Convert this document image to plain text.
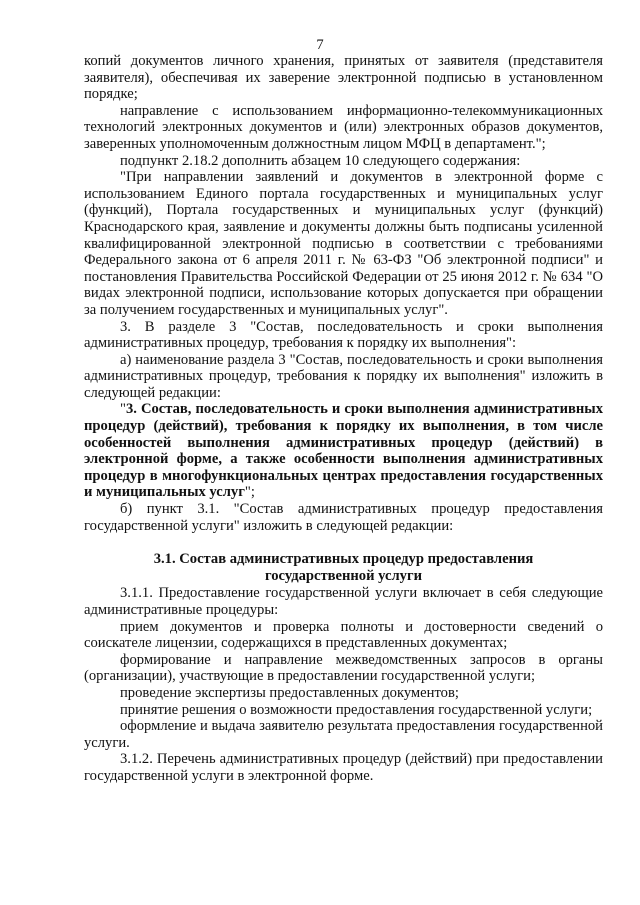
7

копий документов личного хранения, принятых от заявителя (представителя заявителя), обеспечивая их заверение электронной подписью в установленном порядке;

направление с использованием информационно-телекоммуникационных технологий электронных документов и (или) электронных образов документов, заверенных уполномоченным должностным лицом МФЦ в департамент.";

подпункт 2.18.2 дополнить абзацем 10 следующего содержания:

"При направлении заявлений и документов в электронной форме с использованием Единого портала государственных и муниципальных услуг (функций), Портала государственных и муниципальных услуг (функций) Краснодарского края, заявление и документы должны быть подписаны усиленной квалифицированной электронной подписью в соответствии с требованиями Федерального закона от 6 апреля 2011 г. № 63-ФЗ "Об электронной подписи" и постановления Правительства Российской Федерации от 25 июня 2012 г. № 634 "О видах электронной подписи, использование которых допускается при обращении за получением государственных и муниципальных услуг".

3. В разделе 3 "Состав, последовательность и сроки выполнения административных процедур, требования к порядку их выполнения":

а) наименование раздела 3 "Состав, последовательность и сроки выполнения административных процедур, требования к порядку их выполнения" изложить в следующей редакции:

"3. Состав, последовательность и сроки выполнения административных процедур (действий), требования к порядку их выполнения, в том числе особенностей выполнения административных процедур (действий) в электронной форме, а также особенности выполнения административных процедур в многофункциональных центрах предоставления государственных и муниципальных услуг";

б) пункт 3.1. "Состав административных процедур предоставления государственной услуги" изложить в следующей редакции:

3.1. Состав административных процедур предоставления
государственной услуги

3.1.1. Предоставление государственной услуги включает в себя следующие административные процедуры:

прием документов и проверка полноты и достоверности сведений о соискателе лицензии, содержащихся в представленных документах;

формирование и направление межведомственных запросов в органы (организации), участвующие в предоставлении государственной услуги;

проведение экспертизы предоставленных документов;

принятие решения о возможности предоставления государственной услуги;

оформление и выдача заявителю результата предоставления государственной услуги.

3.1.2. Перечень административных процедур (действий) при предоставлении государственной услуги в электронной форме.
